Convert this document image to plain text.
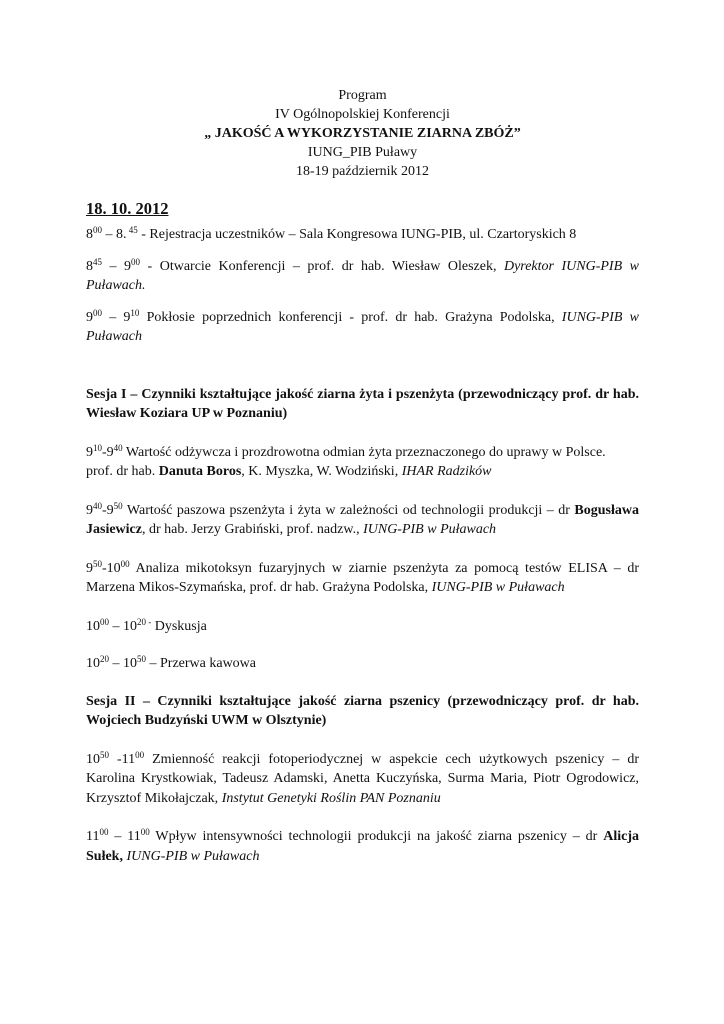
Program
IV Ogólnopolskiej Konferencji
„ JAKOŚĆ A WYKORZYSTANIE ZIARNA ZBÓŻ”
IUNG_PIB Puławy
18-19 październik 2012
18. 10. 2012

$8^{00} - 8$. $^{45}$ - Rejestracja uczestników – Sala Kongresowa IUNG-PIB, ul. Czartoryskich 8

$8^{45} - 9^{00}$ - Otwarcie Konferencji – prof. dr hab. Wiesław Oleszek, Dyrektor IUNG-PIB w Puławach.

$9^{00} - 9^{10}$ Pokłosie poprzednich konferencji - prof. dr hab. Grażyna Podolska, IUNG-PIB w Puławach

Sesja I – Czynniki kształtujące jakość ziarna żyta i pszenżyta (przewodniczący prof. dr hab. Wiesław Koziara UP w Poznaniu)

$9^{10}-9^{40}$ Wartość odżywcza i prozdrowotna odmian żyta przeznaczonego do uprawy w Polsce.
prof. dr hab. Danuta Boros, K. Myszka, W. Wodziński, IHAR Radzików

$9^{40}-9^{50}$ Wartość paszowa pszenżyta i żyta w zależności od technologii produkcji – dr Bogusława Jasiewicz, dr hab. Jerzy Grabiński, prof. nadzw., IUNG-PIB w Puławach

$9^{50}-10^{00}$ Analiza mikotoksyn fuzaryjnych w ziarnie pszenżyta za pomocą testów ELISA – dr Marzena Mikos-Szymańska, prof. dr hab. Grażyna Podolska, IUNG-PIB w Puławach

$10^{00} - 10^{20 -}$ Dyskusja

$10^{20} - 10^{50}$ – Przerwa kawowa

Sesja II – Czynniki kształtujące jakość ziarna pszenicy (przewodniczący prof. dr hab. Wojciech Budzyński UWM w Olsztynie)

$10^{50}$ $-11^{00}$ Zmienność reakcji fotoperiodycznej w aspekcie cech użytkowych pszenicy – dr Karolina Krystkowiak, Tadeusz Adamski, Anetta Kuczyńska, Surma Maria, Piotr Ogrodowicz, Krzysztof Mikołajczak, Instytut Genetyki Roślin PAN Poznaniu

$11^{00} - 11^{00}$ Wpływ intensywności technologii produkcji na jakość ziarna pszenicy – dr Alicja Sułek, IUNG-PIB w Puławach
